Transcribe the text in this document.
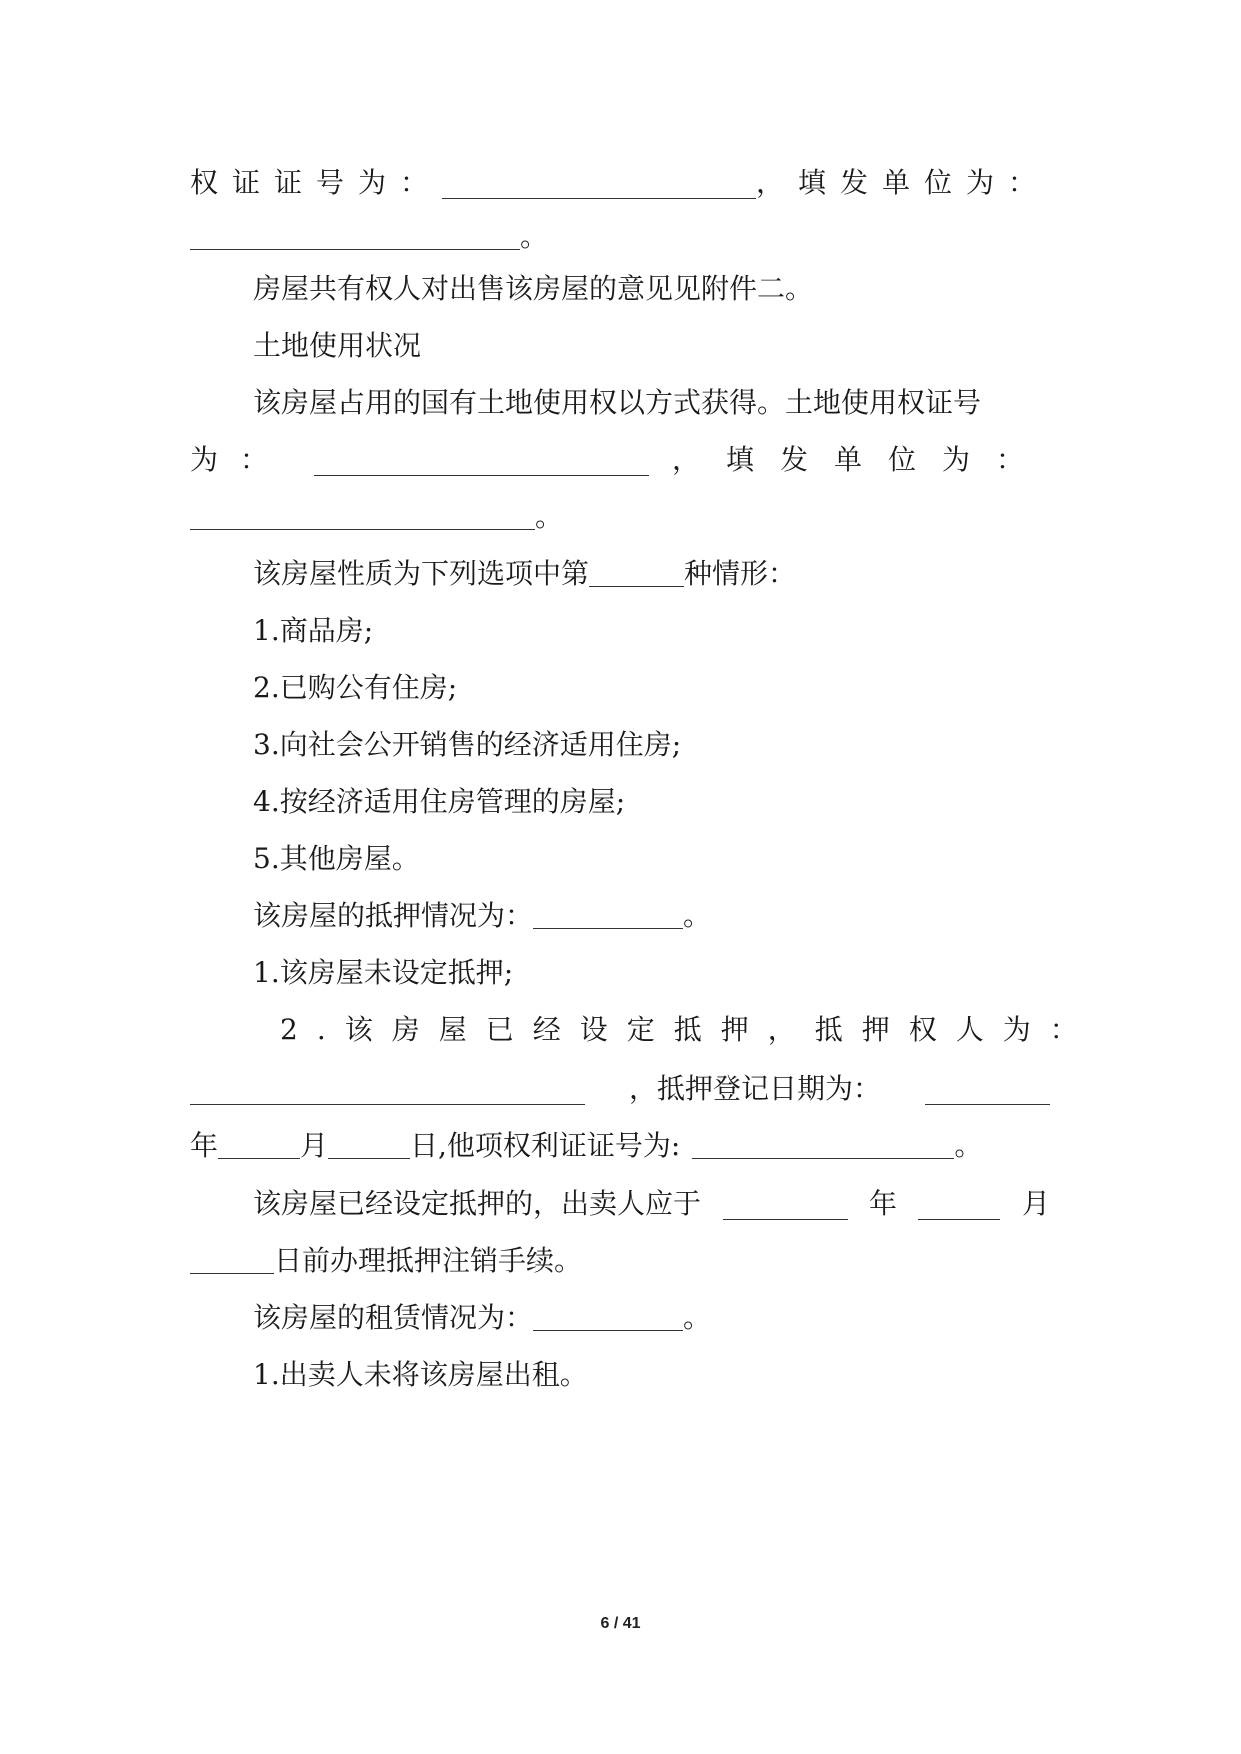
权证证号为：	，填发单位为：
。
房屋共有权人对出售该房屋的意见见附件二。
土地使用状况
该房屋占用的国有土地使用权以方式获得。土地使用权证号
为：	，填发单位为：
。
该房屋性质为下列选项中第	种情形：
1.商品房;
2.已购公有住房;
3.向社会公开销售的经济适用住房;
4.按经济适用住房管理的房屋;
5.其他房屋。
该房屋的抵押情况为：	。
1.该房屋未设定抵押;
2.该房屋已经设定抵押，抵押权人为：
，抵押登记日期为：
年	月	日,他项权利证证号为:	。
该房屋已经设定抵押的，出卖人应于	年	月
日前办理抵押注销手续。
该房屋的租赁情况为：	。
1.出卖人未将该房屋出租。
6 / 41
